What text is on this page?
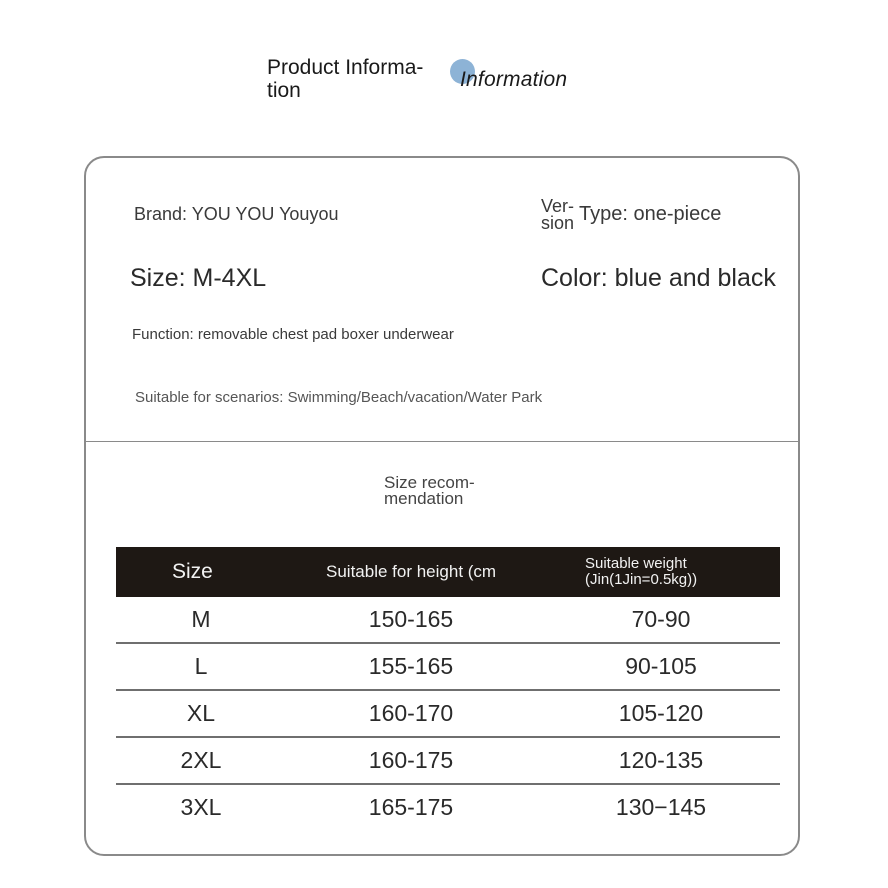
Product Informa-
tion	Information
Brand: YOU YOU Youyou	Ver-
sion Type: one-piece
Size: M-4XL	Color: blue and black
Function: removable chest pad boxer underwear
Suitable for scenarios: Swimming/Beach/vacation/Water Park
Size recom-
mendation
Size	Suitable for height (cm	Suitable weight
(Jin(1Jin=0.5kg))
M	150-165	70-90
L	155-165	90-105
XL	160-170	105-120
2XL	160-175	120-135
3XL	165-175	130−145
